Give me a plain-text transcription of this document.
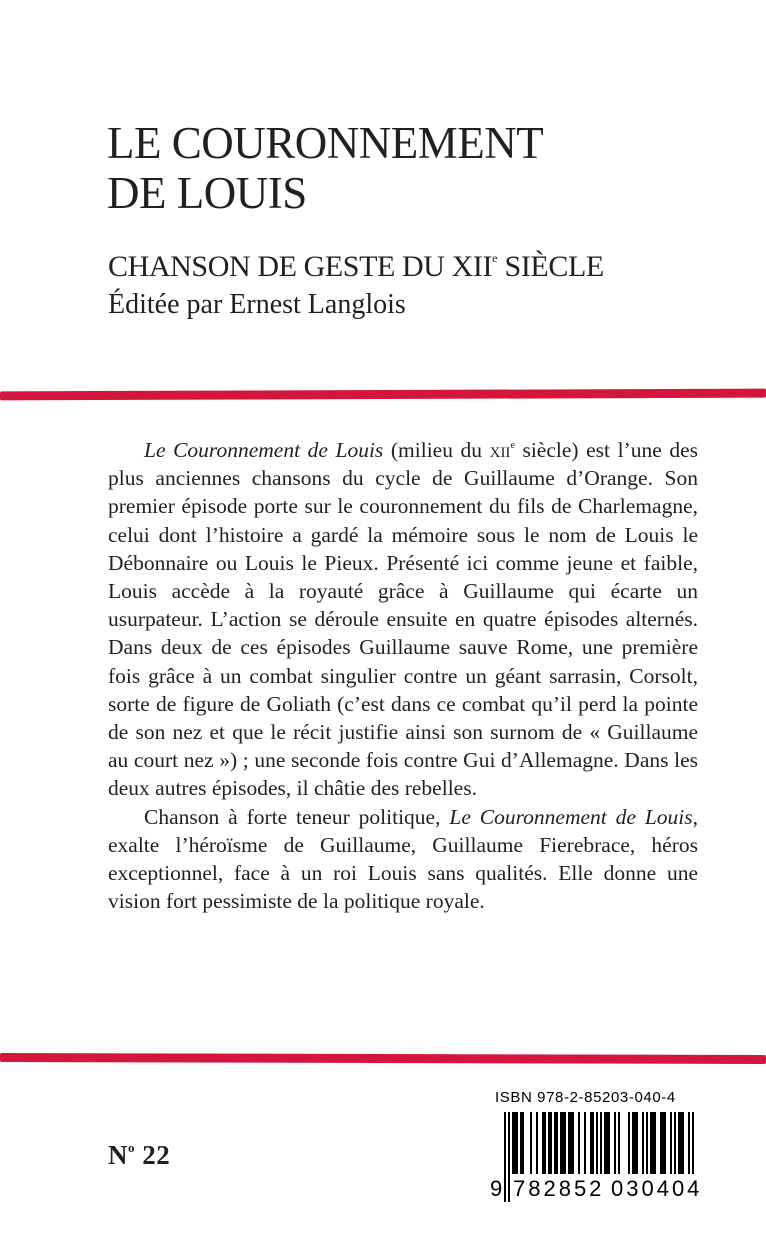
LE COURONNEMENT
DE LOUIS
CHANSON DE GESTE DU XIIe SIÈCLE

Éditée par Ernest Langlois

Le Couronnement de Louis (milieu du xii$^e$ siècle) est l’une des plus anciennes chansons du cycle de Guillaume d’Orange. Son premier épisode porte sur le couronnement du fils de Charlemagne, celui dont l’histoire a gardé la mémoire sous le nom de Louis le Débonnaire ou Louis le Pieux. Présenté ici comme jeune et faible, Louis accède à la royauté grâce à Guillaume qui écarte un usurpateur. L’action se déroule ensuite en quatre épisodes alternés. Dans deux de ces épisodes Guillaume sauve Rome, une première fois grâce à un combat singulier contre un géant sarrasin, Corsolt, sorte de figure de Goliath (c’est dans ce combat qu’il perd la pointe de son nez et que le récit justifie ainsi son surnom de « Guillaume au court nez ») ; une seconde fois contre Gui d’Allemagne. Dans les deux autres épisodes, il châtie des rebelles.

Chanson à forte teneur politique, Le Couronnement de Louis, exalte l’héroïsme de Guillaume, Guillaume Fierebrace, héros exceptionnel, face à un roi Louis sans qualités. Elle donne une vision fort pessimiste de la politique royale.

$N^o$ 22
ISBN 978-2-85203-040-4
9 782852 030404
